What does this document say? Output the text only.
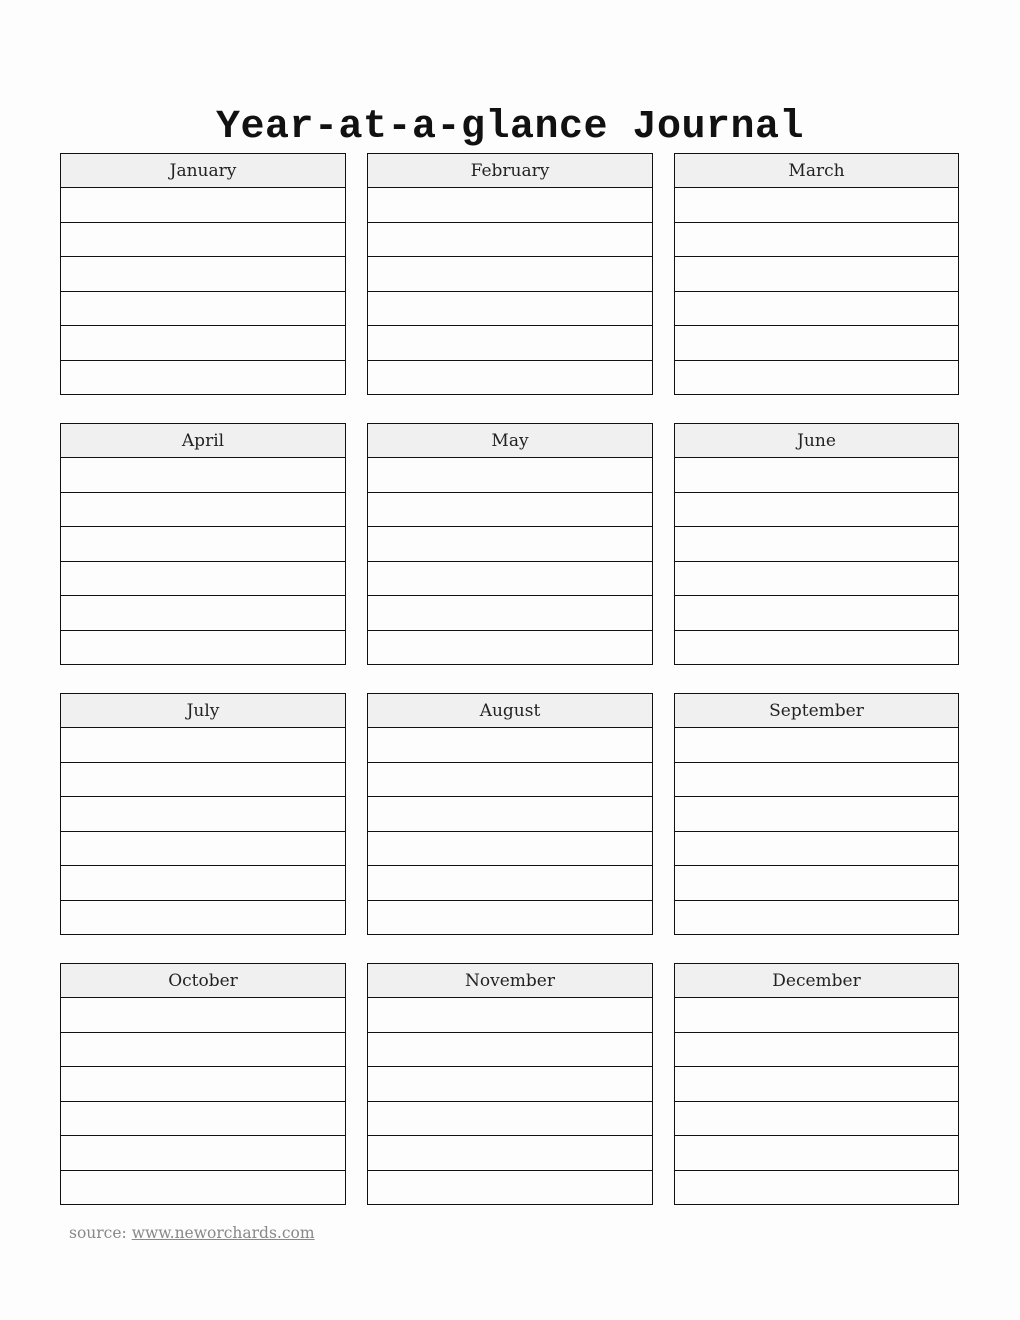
Year-at-a-glance Journal
January	February	March
April	May	June
July	August	September
October	November	December
source: www.neworchards.com
